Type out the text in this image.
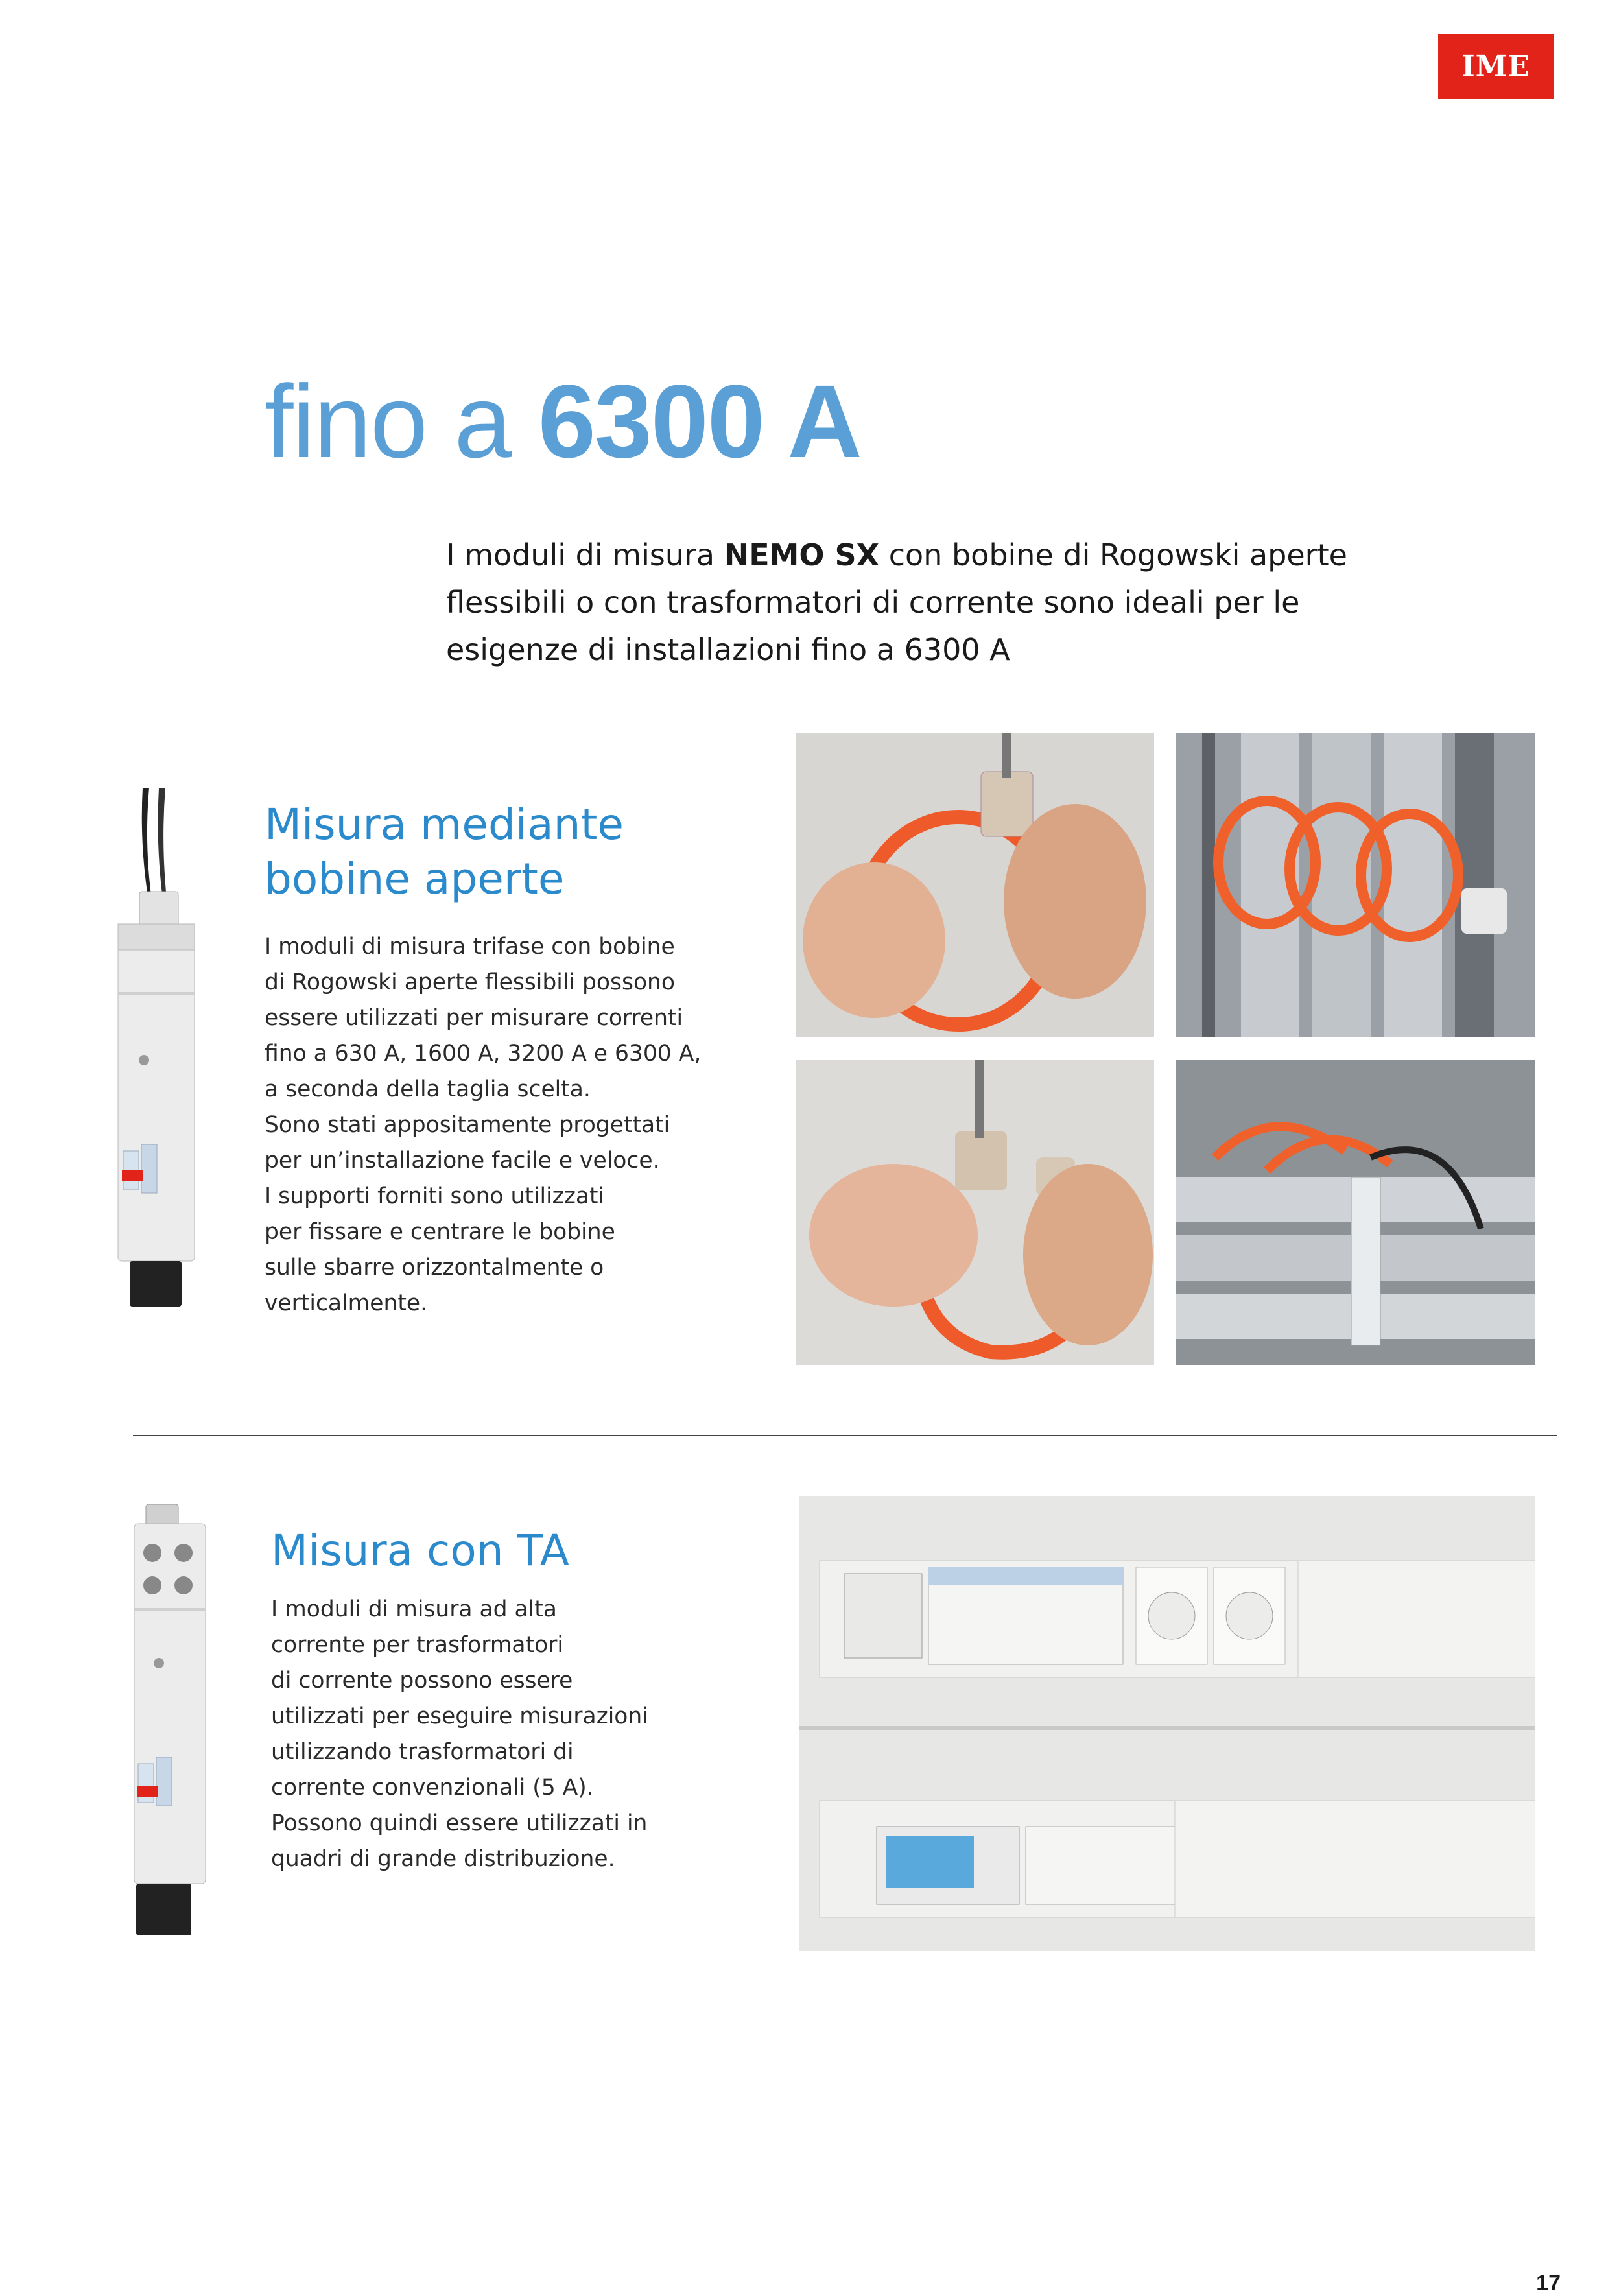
IME
fino a 6300 A
I moduli di misura NEMO SX con bobine di Rogowski aperte flessibili o con trasformatori di corrente sono ideali per le esigenze di installazioni fino a 6300 A
Misura mediante
bobine aperte
I moduli di misura trifase con bobine
di Rogowski aperte flessibili possono
essere utilizzati per misurare correnti
fino a 630 A, 1600 A, 3200 A e 6300 A,
a seconda della taglia scelta.
Sono stati appositamente progettati
per un’installazione facile e veloce.
I supporti forniti sono utilizzati
per fissare e centrare le bobine
sulle sbarre orizzontalmente o
verticalmente.
Misura con TA
I moduli di misura ad alta
corrente per trasformatori
di corrente possono essere
utilizzati per eseguire misurazioni
utilizzando trasformatori di
corrente convenzionali (5 A).
Possono quindi essere utilizzati in
quadri di grande distribuzione.
17
